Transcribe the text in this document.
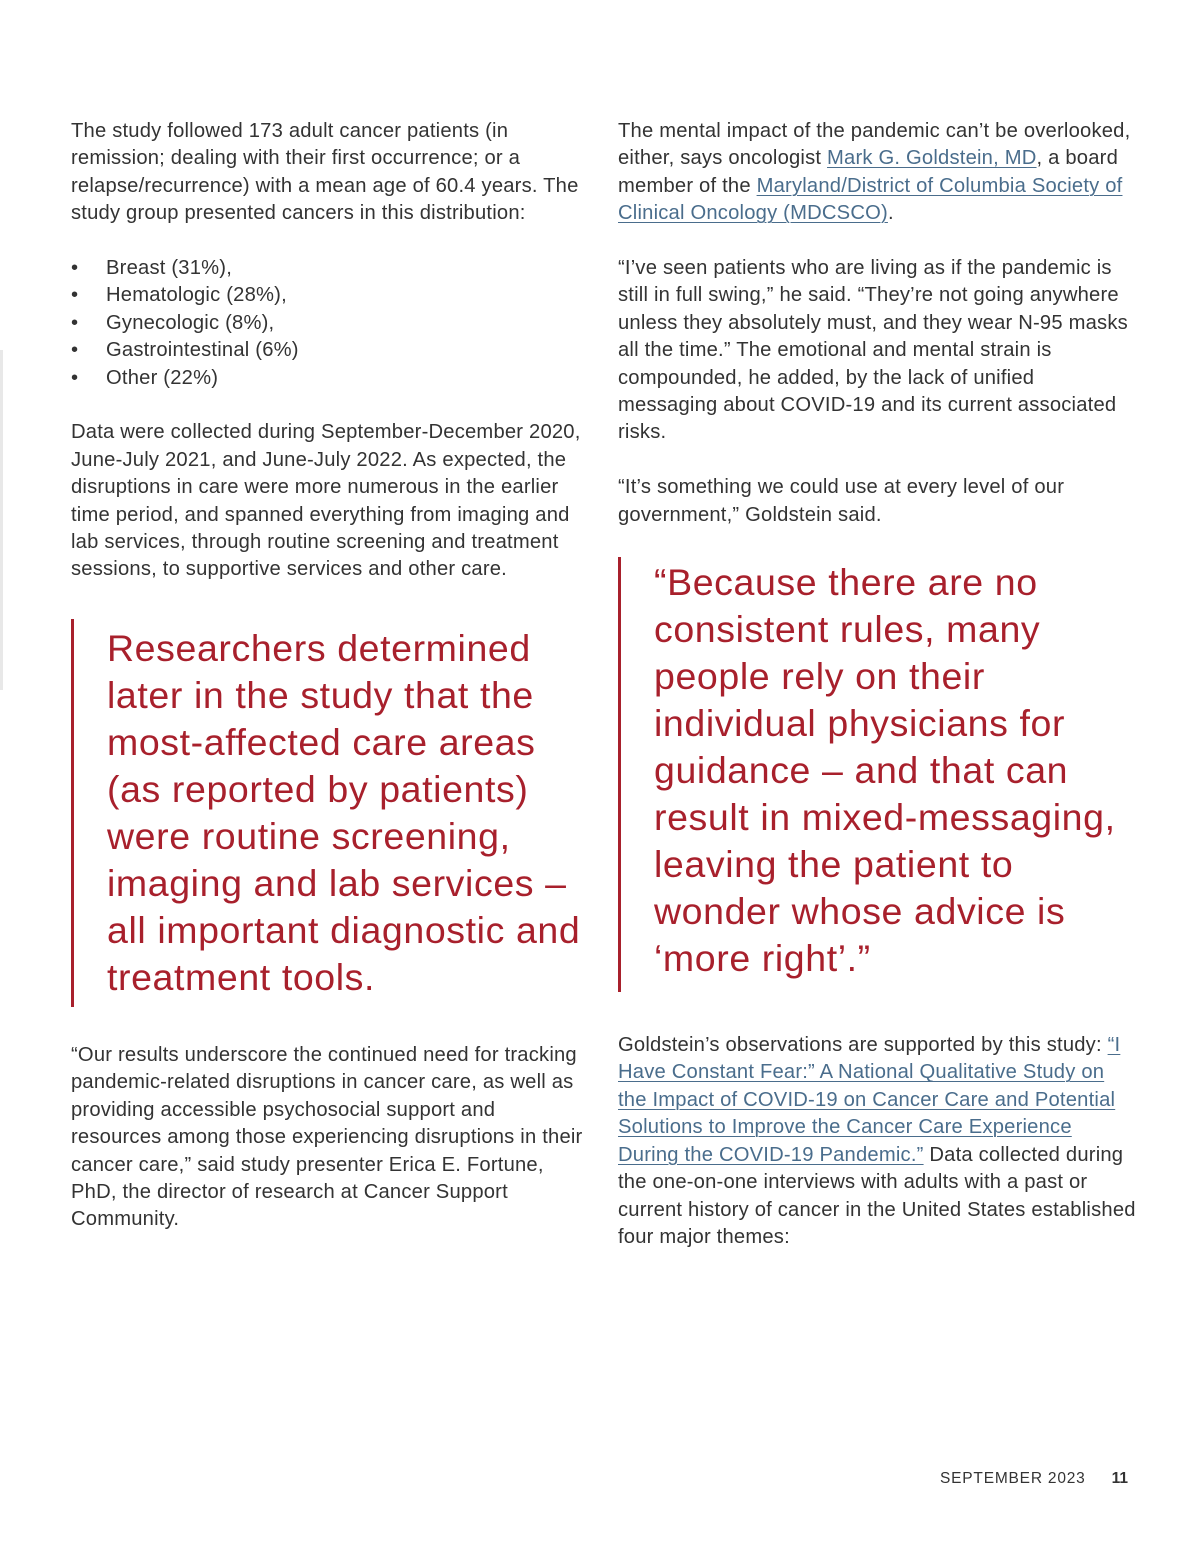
The study followed 173 adult cancer patients (in remission; dealing with their first occurrence; or a relapse/recurrence) with a mean age of 60.4 years. The study group presented cancers in this distribution:

• Breast (31%),
• Hematologic (28%),
• Gynecologic (8%),
• Gastrointestinal (6%)
• Other (22%)

Data were collected during September-December 2020, June-July 2021, and June-July 2022. As expected, the disruptions in care were more numerous in the earlier time period, and spanned everything from imaging and lab services, through routine screening and treatment sessions, to supportive services and other care.

Researchers determined later in the study that the most-affected care areas (as reported by patients) were routine screening, imaging and lab services – all important diagnostic and treatment tools.

“Our results underscore the continued need for tracking pandemic-related disruptions in cancer care, as well as providing accessible psychosocial support and resources among those experiencing disruptions in their cancer care,” said study presenter Erica E. Fortune, PhD, the director of research at Cancer Support Community.

The mental impact of the pandemic can’t be overlooked, either, says oncologist Mark G. Goldstein, MD, a board member of the Maryland/District of Columbia Society of Clinical Oncology (MDCSCO).

“I’ve seen patients who are living as if the pandemic is still in full swing,” he said. “They’re not going anywhere unless they absolutely must, and they wear N-95 masks all the time.” The emotional and mental strain is compounded, he added, by the lack of unified messaging about COVID-19 and its current associated risks.

“It’s something we could use at every level of our government,” Goldstein said.

“Because there are no consistent rules, many people rely on their individual physicians for guidance – and that can result in mixed-messaging, leaving the patient to wonder whose advice is ‘more right’.”

Goldstein’s observations are supported by this study: “I Have Constant Fear:” A National Qualitative Study on the Impact of COVID-19 on Cancer Care and Potential Solutions to Improve the Cancer Care Experience During the COVID-19 Pandemic.” Data collected during the one-on-one interviews with adults with a past or current history of cancer in the United States established four major themes:

SEPTEMBER 2023 11
